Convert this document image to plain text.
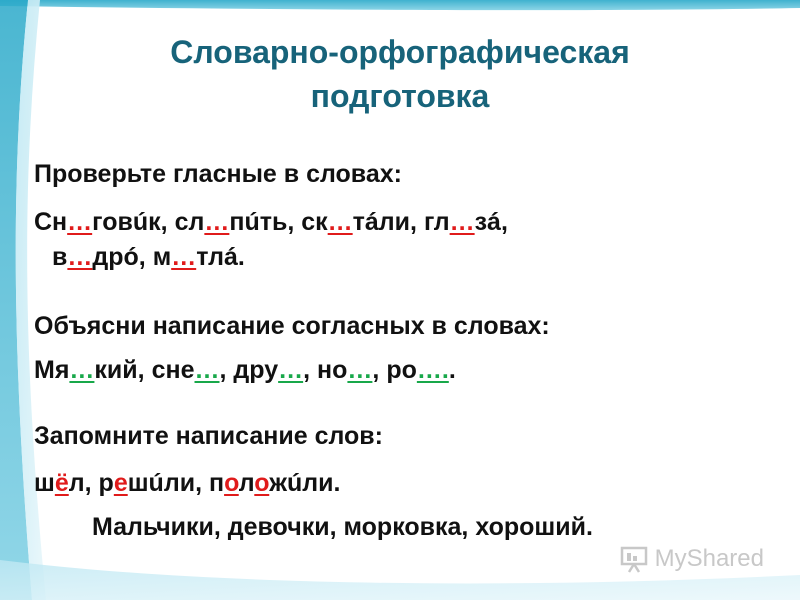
Словарно-орфографическая
подготовка
Проверьте гласные в словах:
Сн…говúк, сл…пúть, ск…тáли, гл…зá,
в…дрó, м…тлá.
Объясни написание согласных в словах:
Мя…кий, сне…, дру…, но…, ро…..
Запомните написание слов:
шёл, решúли, положúли.
Мальчики, девочки, морковка, хороший.
MyShared
